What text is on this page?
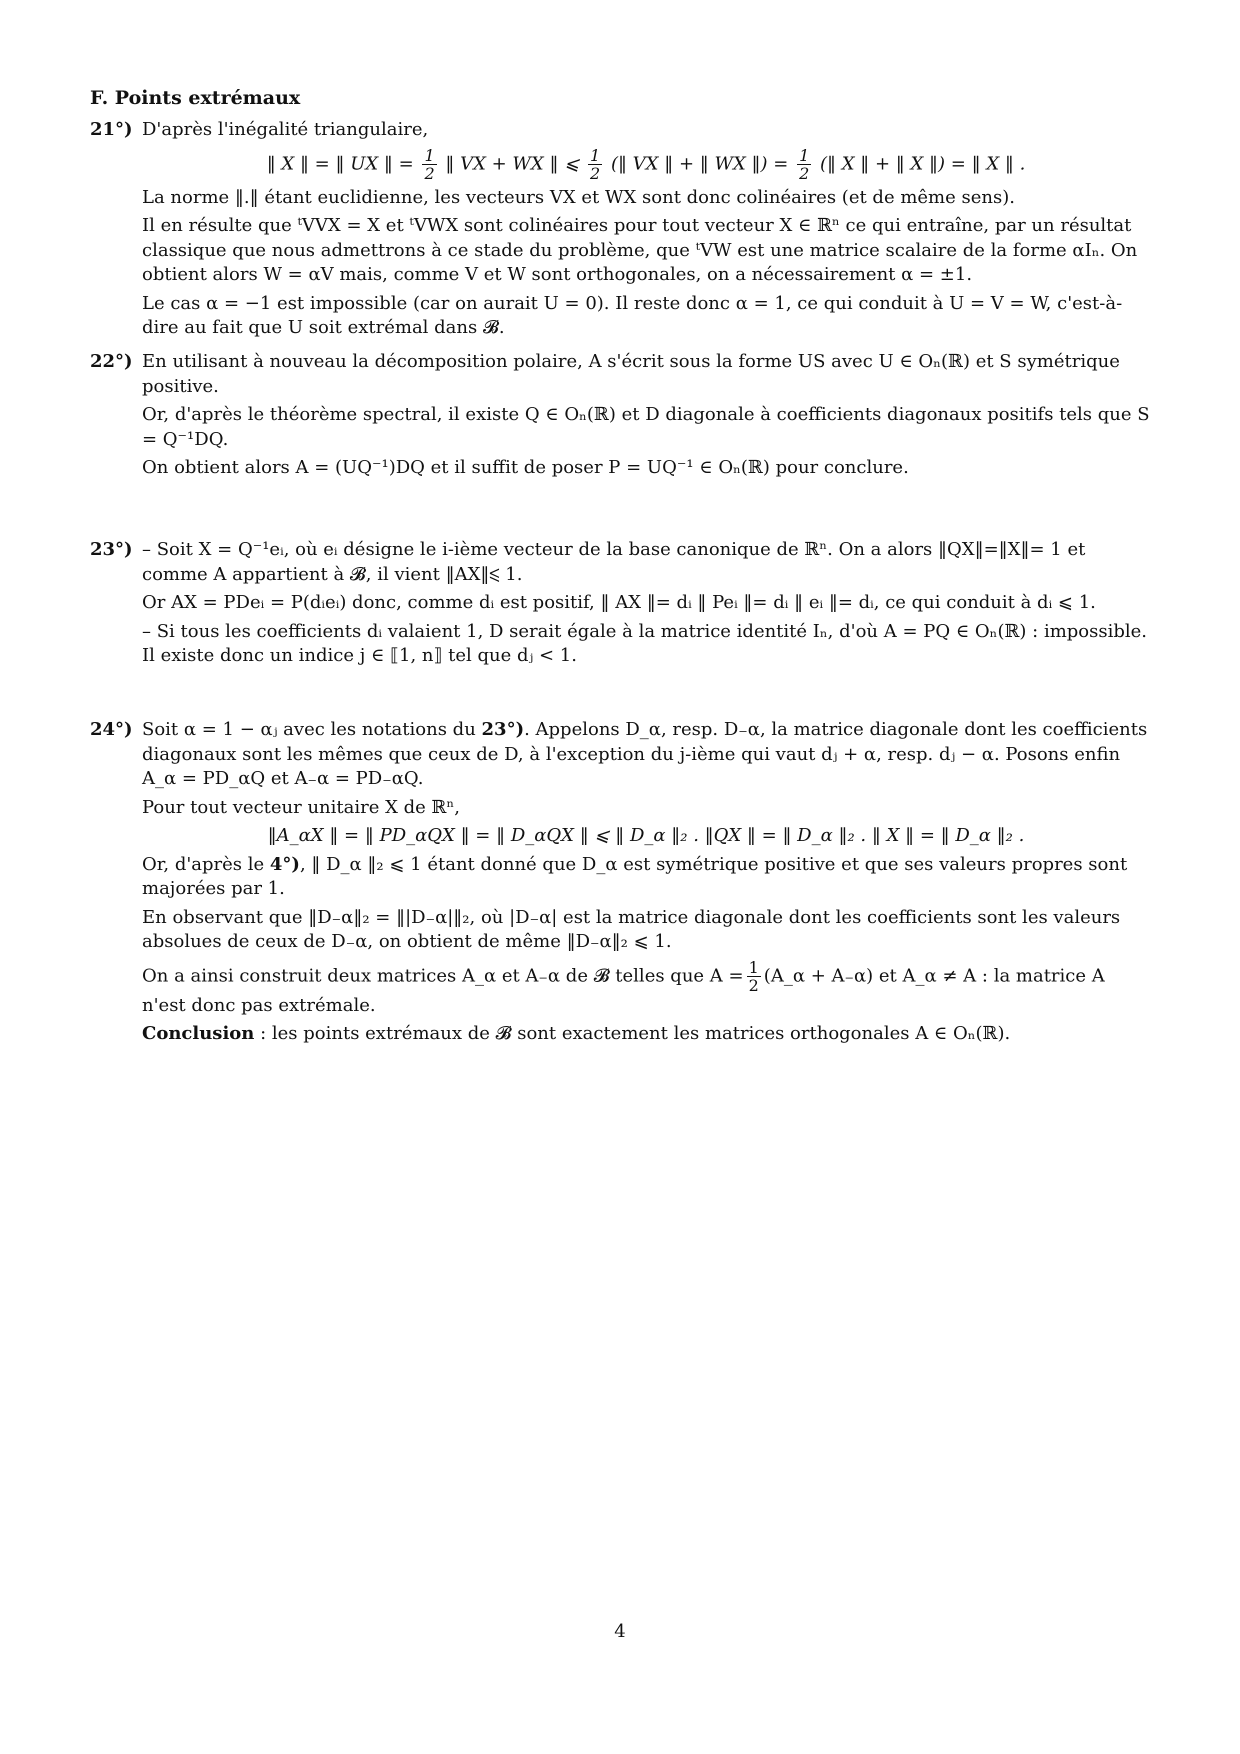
F. Points extrémaux
21°) D'après l'inégalité triangulaire,

‖ X ‖ = ‖ UX ‖ = $\frac{1}{2}$ ‖ VX + WX ‖ ⩽ $\frac{1}{2}$ (‖ VX ‖ + ‖ WX ‖) = $\frac{1}{2}$ (‖ X ‖ + ‖ X ‖) = ‖ X ‖ .

La norme ‖.‖ étant euclidienne, les vecteurs VX et WX sont donc colinéaires (et de même sens).

Il en résulte que ᵗVVX = X et ᵗVWX sont colinéaires pour tout vecteur X ∈ ℝⁿ ce qui entraîne, par un résultat classique que nous admettrons à ce stade du problème, que ᵗVW est une matrice scalaire de la forme αIₙ. On obtient alors W = αV mais, comme V et W sont orthogonales, on a nécessairement α = ±1.

Le cas α = −1 est impossible (car on aurait U = 0). Il reste donc α = 1, ce qui conduit à U = V = W, c'est-à-dire au fait que U soit extrémal dans 𝓑.

22°) En utilisant à nouveau la décomposition polaire, A s'écrit sous la forme US avec U ∈ Oₙ(ℝ) et S symétrique positive.

Or, d'après le théorème spectral, il existe Q ∈ Oₙ(ℝ) et D diagonale à coefficients diagonaux positifs tels que S = Q⁻¹DQ.

On obtient alors A = (UQ⁻¹)DQ et il suffit de poser P = UQ⁻¹ ∈ Oₙ(ℝ) pour conclure.

23°) – Soit X = Q⁻¹eᵢ, où eᵢ désigne le i-ième vecteur de la base canonique de ℝⁿ. On a alors ‖QX‖=‖X‖= 1 et comme A appartient à 𝓑, il vient ‖AX‖⩽ 1.

Or AX = PDeᵢ = P(dᵢeᵢ) donc, comme dᵢ est positif, ‖ AX ‖= dᵢ ‖ Peᵢ ‖= dᵢ ‖ eᵢ ‖= dᵢ, ce qui conduit à dᵢ ⩽ 1.

– Si tous les coefficients dᵢ valaient 1, D serait égale à la matrice identité Iₙ, d'où A = PQ ∈ Oₙ(ℝ) : impossible. Il existe donc un indice j ∈ ⟦1, n⟧ tel que dⱼ < 1.

24°) Soit α = 1 − αⱼ avec les notations du 23°). Appelons D_α, resp. D₋α, la matrice diagonale dont les coefficients diagonaux sont les mêmes que ceux de D, à l'exception du j-ième qui vaut dⱼ + α, resp. dⱼ − α. Posons enfin A_α = PD_αQ et A₋α = PD₋αQ.

Pour tout vecteur unitaire X de ℝⁿ,

‖A_αX ‖ = ‖ PD_αQX ‖ = ‖ D_αQX ‖ ⩽ ‖ D_α ‖₂ . ‖QX ‖ = ‖ D_α ‖₂ . ‖ X ‖ = ‖ D_α ‖₂ .

Or, d'après le 4°), ‖ D_α ‖₂ ⩽ 1 étant donné que D_α est symétrique positive et que ses valeurs propres sont majorées par 1.

En observant que ‖D₋α‖₂ = ‖|D₋α|‖₂, où |D₋α| est la matrice diagonale dont les coefficients sont les valeurs absolues de ceux de D₋α, on obtient de même ‖D₋α‖₂ ⩽ 1.

On a ainsi construit deux matrices A_α et A₋α de 𝓑 telles que $A = \frac{1}{2}$ (A_α + A₋α) et A_α ≠ A : la matrice A n'est donc pas extrémale.

Conclusion : les points extrémaux de 𝓑 sont exactement les matrices orthogonales A ∈ Oₙ(ℝ).

4
